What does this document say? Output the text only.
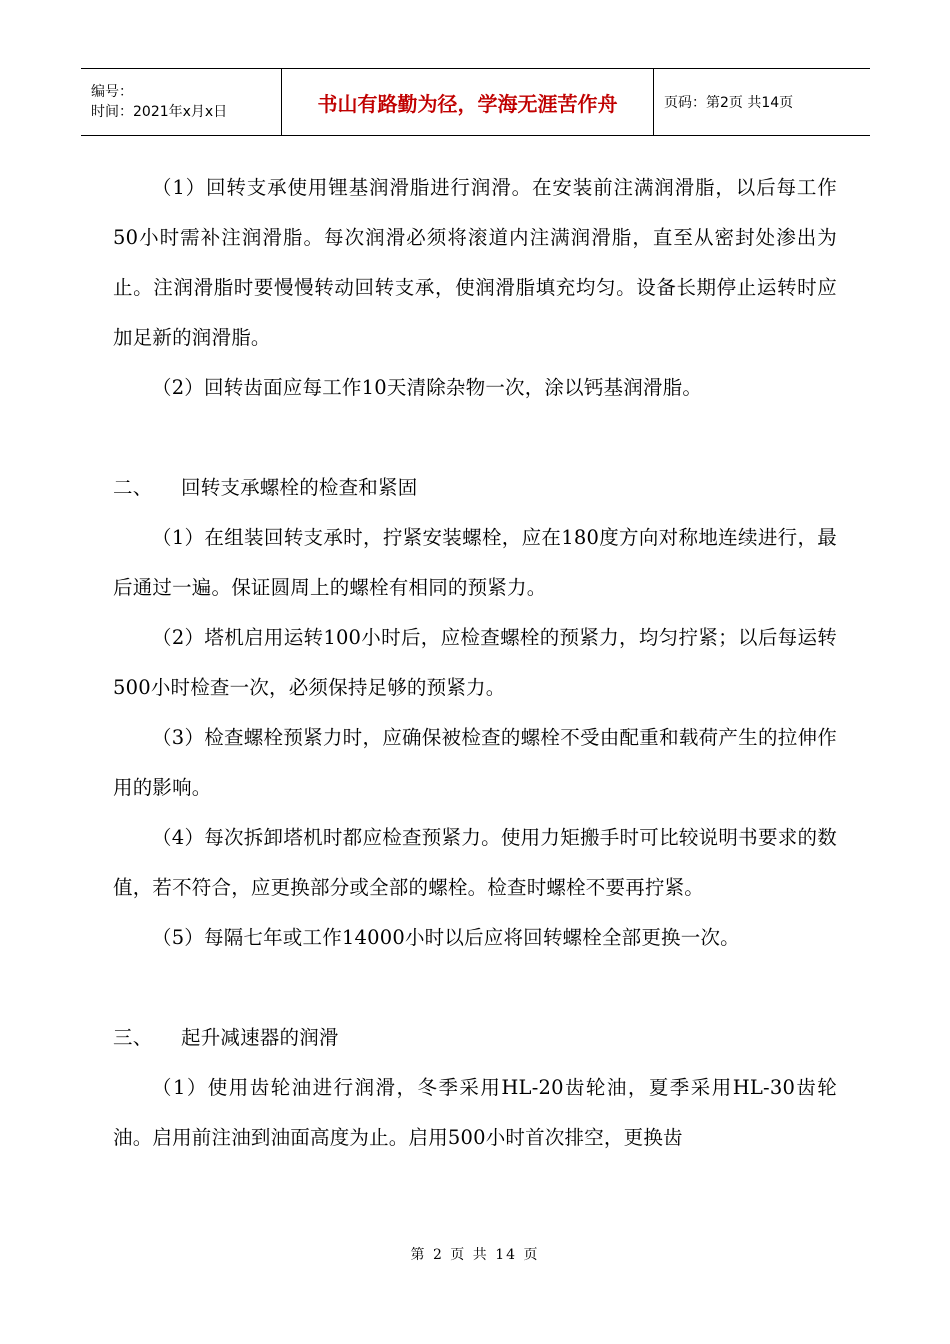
编号：
时间：2021年x月x日	书山有路勤为径，学海无涯苦作舟	页码：第2页 共14页

（1）回转支承使用锂基润滑脂进行润滑。在安装前注满润滑脂，以后每工作50小时需补注润滑脂。每次润滑必须将滚道内注满润滑脂，直至从密封处渗出为止。注润滑脂时要慢慢转动回转支承，使润滑脂填充均匀。设备长期停止运转时应加足新的润滑脂。

（2）回转齿面应每工作10天清除杂物一次，涂以钙基润滑脂。

二、	回转支承螺栓的检查和紧固

（1）在组装回转支承时，拧紧安装螺栓，应在180度方向对称地连续进行，最后通过一遍。保证圆周上的螺栓有相同的预紧力。

（2）塔机启用运转100小时后，应检查螺栓的预紧力，均匀拧紧；以后每运转500小时检查一次，必须保持足够的预紧力。

（3）检查螺栓预紧力时，应确保被检查的螺栓不受由配重和载荷产生的拉伸作用的影响。

（4）每次拆卸塔机时都应检查预紧力。使用力矩搬手时可比较说明书要求的数值，若不符合，应更换部分或全部的螺栓。检查时螺栓不要再拧紧。

（5）每隔七年或工作14000小时以后应将回转螺栓全部更换一次。

三、	起升减速器的润滑

（1）使用齿轮油进行润滑，冬季采用HL-20齿轮油，夏季采用HL-30齿轮油。启用前注油到油面高度为止。启用500小时首次排空，更换齿

第 2 页 共 14 页
